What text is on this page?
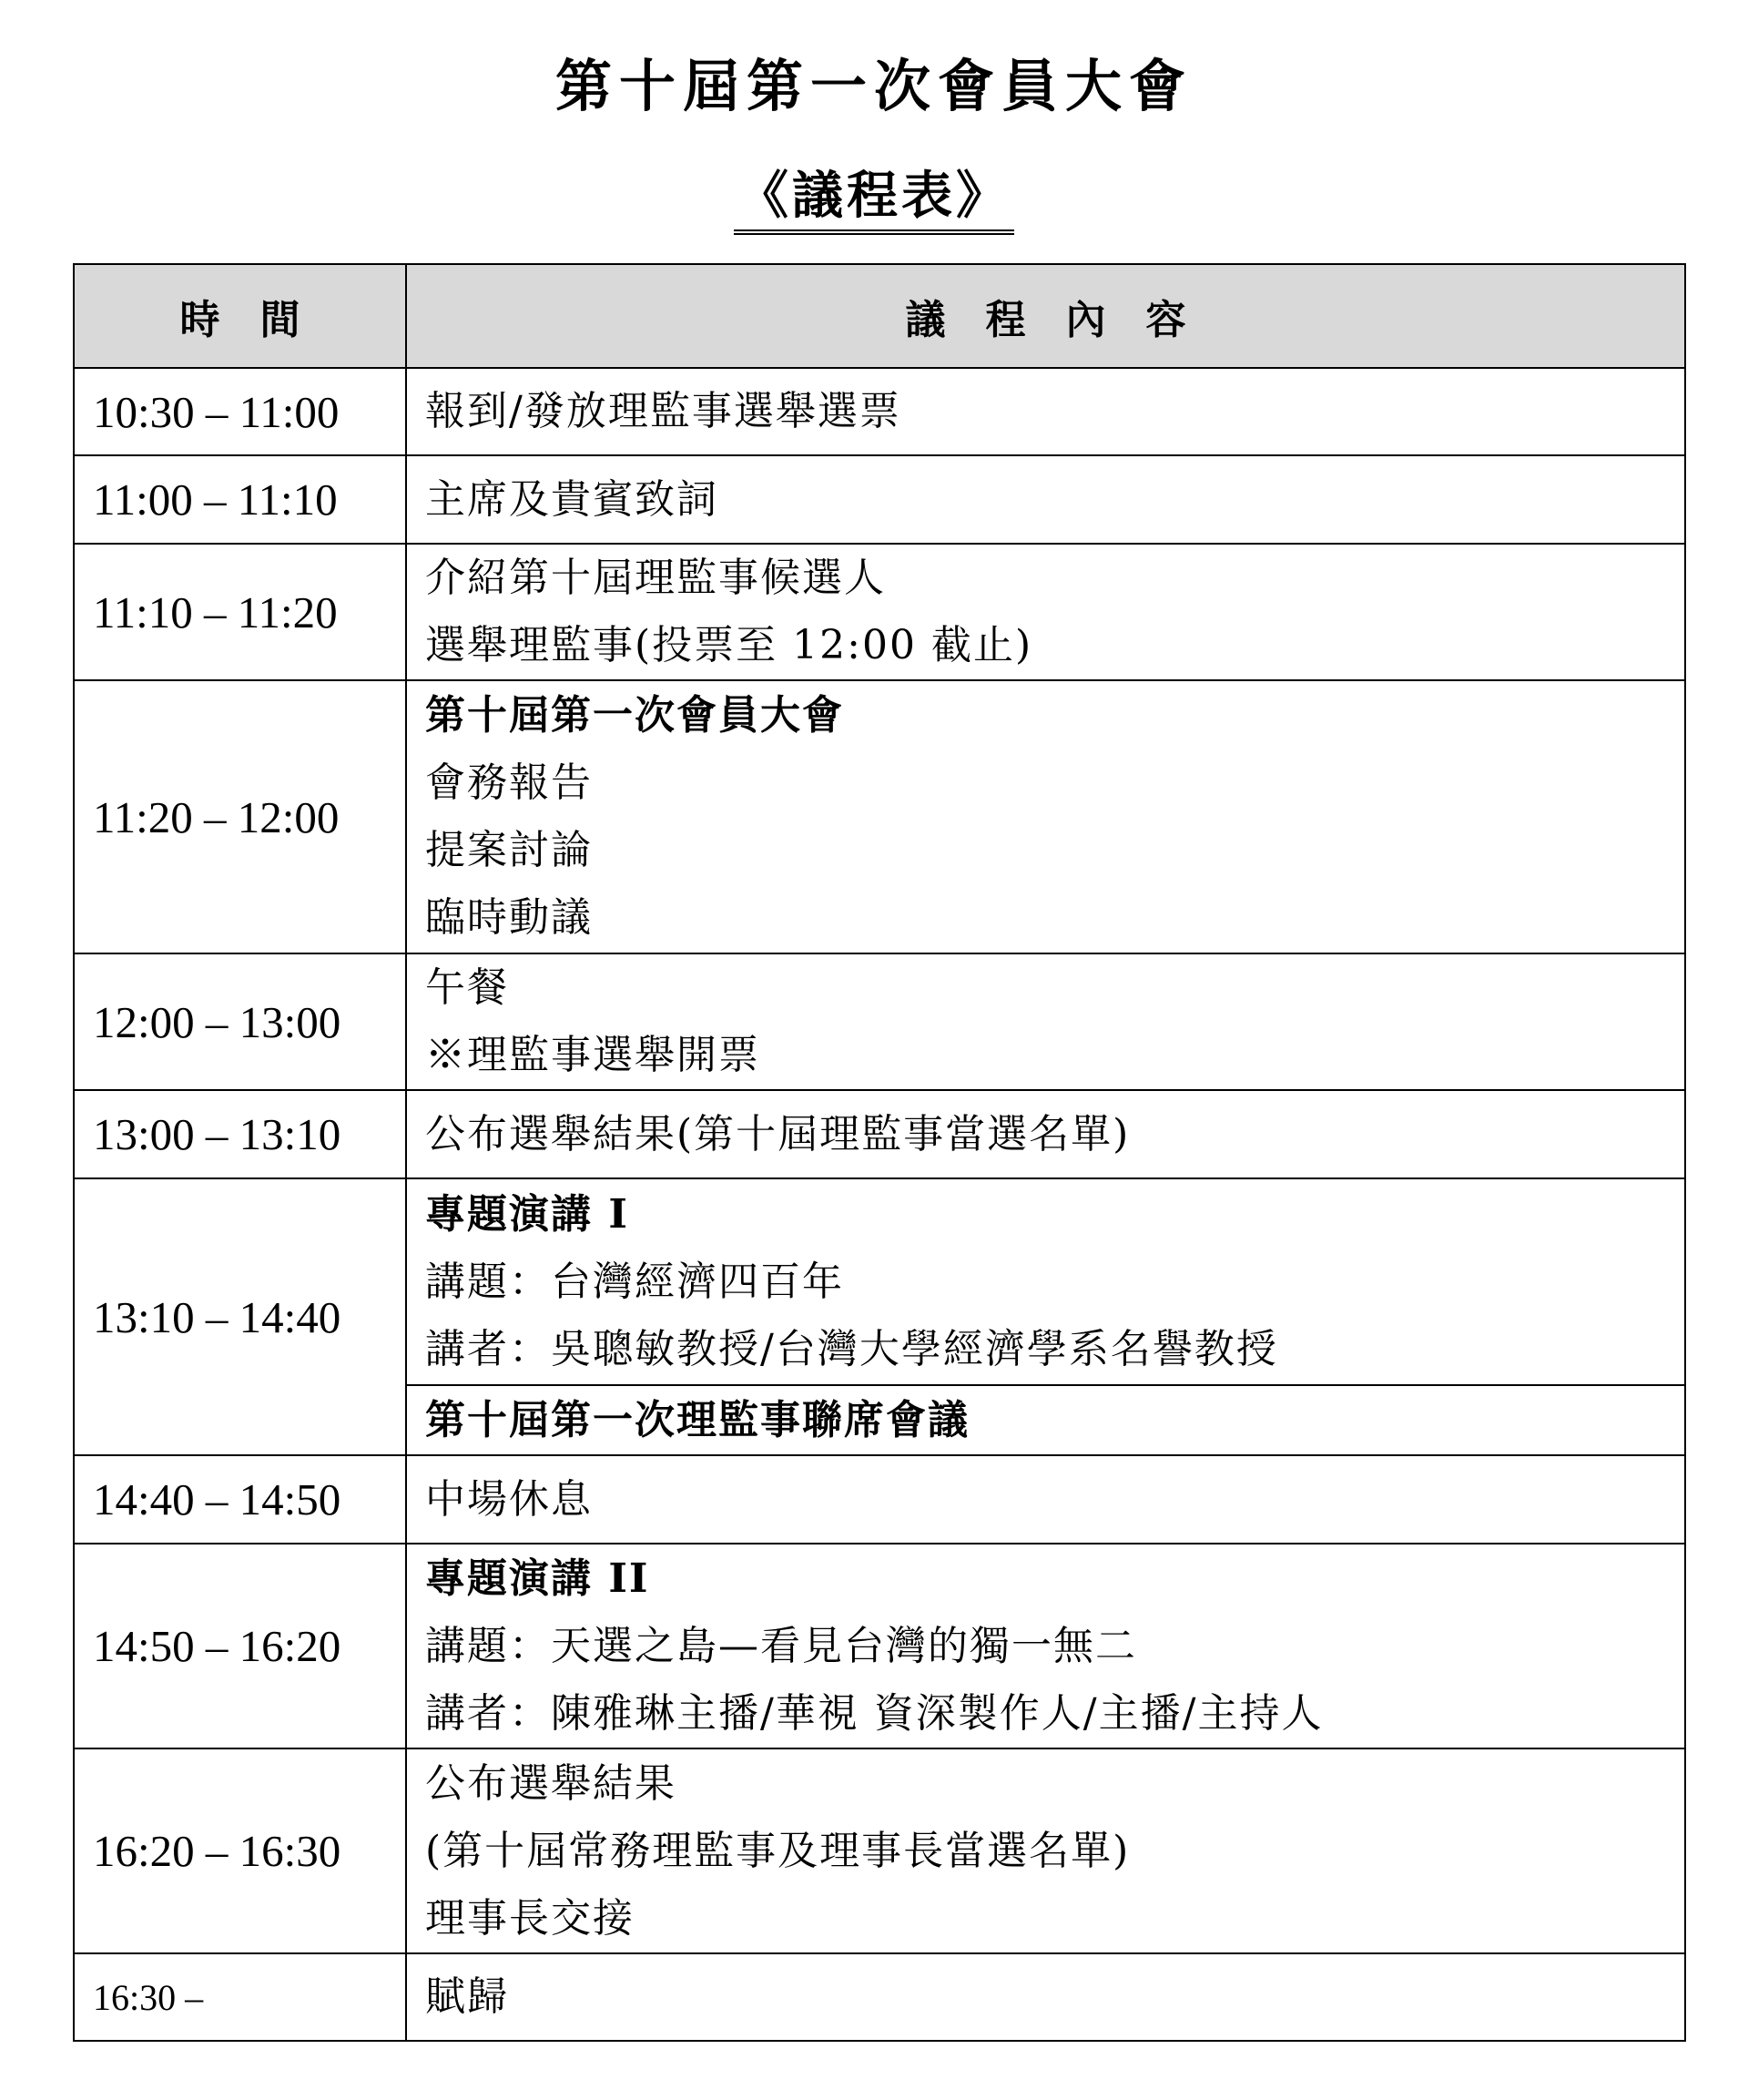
第十屆第一次會員大會
《議程表》
時　間	議　程　內　容
10:30 – 11:00	報到/發放理監事選舉選票

11:00 – 11:10	主席及貴賓致詞

11:10 – 11:20	介紹第十屆理監事候選人
選舉理監事(投票至 12:00 截止)

11:20 – 12:00	第十屆第一次會員大會
會務報告
提案討論
臨時動議

12:00 – 13:00	午餐
※理監事選舉開票

13:00 – 13:10	公布選舉結果(第十屆理監事當選名單)

13:10 – 14:40	專題演講 I
講題：台灣經濟四百年
講者：吳聰敏教授/台灣大學經濟學系名譽教授

	第十屆第一次理監事聯席會議

14:40 – 14:50	中場休息

14:50 – 16:20	專題演講 II
講題：天選之島—看見台灣的獨一無二
講者：陳雅琳主播/華視 資深製作人/主播/主持人

16:20 – 16:30	公布選舉結果
(第十屆常務理監事及理事長當選名單)
理事長交接

16:30 –	賦歸
